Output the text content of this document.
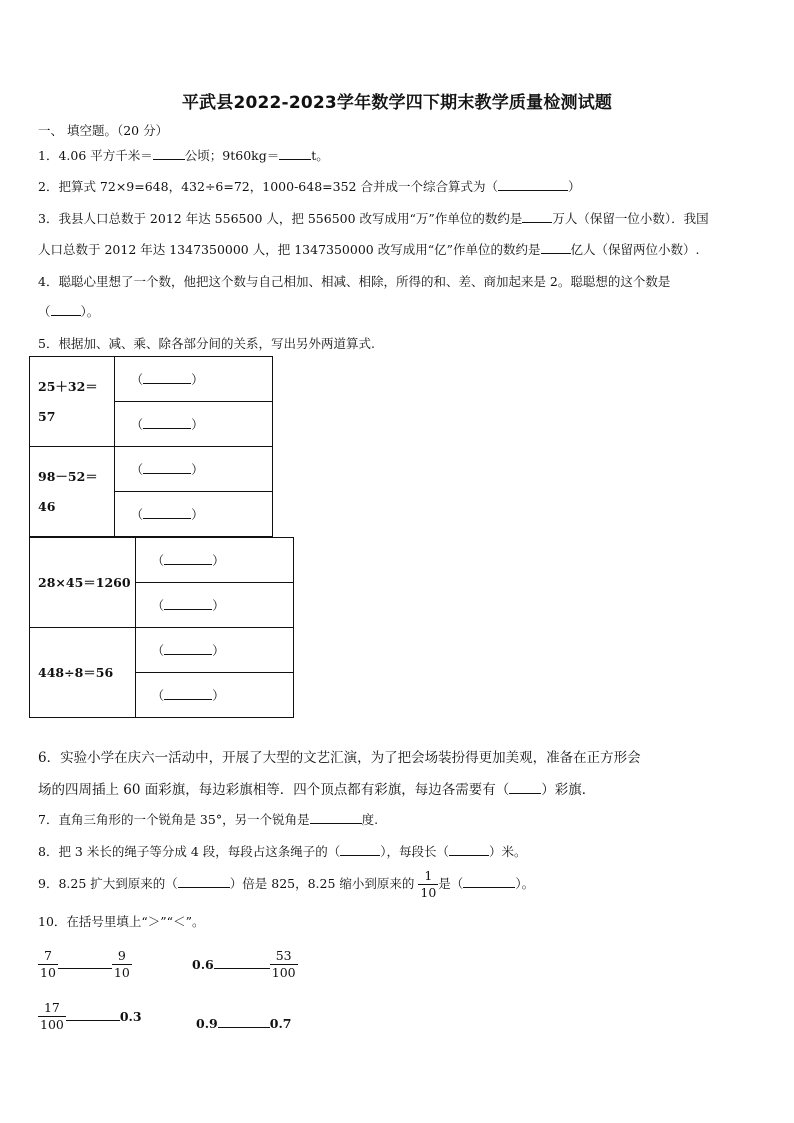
平武县2022-2023学年数学四下期末教学质量检测试题
一、 填空题。（20 分）
1．4.06 平方千米＝	公顷；9t60kg＝	t。
2．把算式 72×9=648，432÷6=72，1000-648=352 合并成一个综合算式为（	）
3．我县人口总数于 2012 年达 556500 人，把 556500 改写成用“万”作单位的数约是 万人（保留一位小数）．我国
人口总数于 2012 年达 1347350000 人，把 1347350000 改写成用“亿”作单位的数约是 亿人（保留两位小数）.
4．聪聪心里想了一个数，他把这个数与自己相加、相减、相除，所得的和、差、商加起来是 2。聪聪想的这个数是
（ ）。
5．根据加、减、乘、除各部分间的关系，写出另外两道算式.
25＋32＝
57	（ ）
	（ ）

98－52＝
46	（ ）
	（ ）
28×45＝1260	（ ）
	（ ）

448÷8＝56	（ ）
	（ ）
6．实验小学在庆六一活动中，开展了大型的文艺汇演，为了把会场装扮得更加美观，准备在正方形会
场的四周插上 60 面彩旗，每边彩旗相等．四个顶点都有彩旗，每边各需要有（ ）彩旗．
7．直角三角形的一个锐角是 35°，另一个锐角是	度.
8．把 3 米长的绳子等分成 4 段，每段占这条绳子的（	），每段长（	）米。
9．8.25 扩大到原来的（	）倍是 825，8.25 缩小到原来的 $\frac{1}{10}$ 是（	）。
10．在括号里填上“＞”“＜”。
$\frac{7}{10}$	$\frac{9}{10}$	0.6	$\frac{53}{100}$
$\frac{17}{100}$	0.3	0.9	0.7
